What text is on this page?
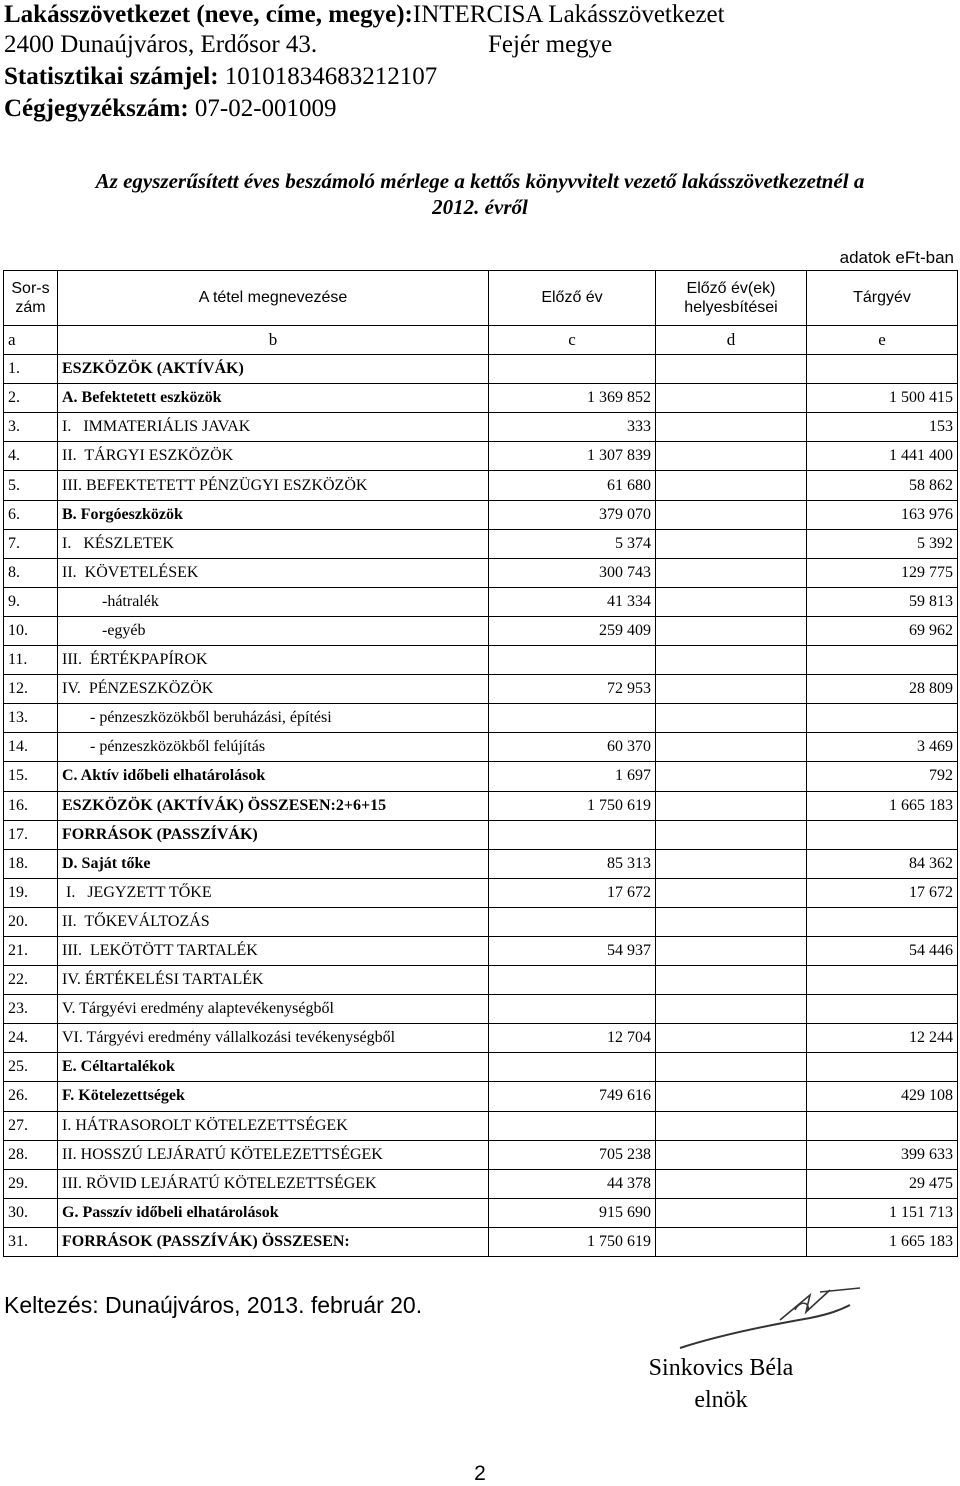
Lakásszövetkezet (neve, címe, megye):INTERCISA Lakásszövetkezet
2400 Dunaújváros, Erdősor 43.	Fejér megye
Statisztikai számjel: 10101834683212107
Cégjegyzékszám: 07-02-001009
Az egyszerűsített éves beszámoló mérlege a kettős könyvvitelt vezető lakásszövetkezetnél a
2012. évről
adatok eFt-ban
Sor-szám	A tétel megnevezése	Előző év	Előző év(ek) helyesbítései	Tárgyév
a	b	c	d	e
1.	ESZKÖZÖK (AKTÍVÁK)			
2.	A. Befektetett eszközök	1 369 852		1 500 415
3.	I.   IMMATERIÁLIS JAVAK	333		153
4.	II.  TÁRGYI ESZKÖZÖK	1 307 839		1 441 400
5.	III. BEFEKTETETT PÉNZÜGYI ESZKÖZÖK	61 680		58 862
6.	B. Forgóeszközök	379 070		163 976
7.	I.   KÉSZLETEK	5 374		5 392
8.	II.  KÖVETELÉSEK	300 743		129 775
9.	-hátralék	41 334		59 813
10.	-egyéb	259 409		69 962
11.	III.  ÉRTÉKPAPÍROK			
12.	IV.  PÉNZESZKÖZÖK	72 953		28 809
13.	- pénzeszközökből beruházási, építési			
14.	- pénzeszközökből felújítás	60 370		3 469
15.	C. Aktív időbeli elhatárolások	1 697		792
16.	ESZKÖZÖK (AKTÍVÁK) ÖSSZESEN:2+6+15	1 750 619		1 665 183
17.	FORRÁSOK (PASSZÍVÁK)			
18.	D. Saját tőke	85 313		84 362
19.	I.   JEGYZETT TŐKE	17 672		17 672
20.	II.  TŐKEVÁLTOZÁS			
21.	III.  LEKÖTÖTT TARTALÉK	54 937		54 446
22.	IV. ÉRTÉKELÉSI TARTALÉK			
23.	V. Tárgyévi eredmény alaptevékenységből			
24.	VI. Tárgyévi eredmény vállalkozási tevékenységből	12 704		12 244
25.	E. Céltartalékok			
26.	F. Kötelezettségek	749 616		429 108
27.	I. HÁTRASOROLT KÖTELEZETTSÉGEK			
28.	II. HOSSZÚ LEJÁRATÚ KÖTELEZETTSÉGEK	705 238		399 633
29.	III. RÖVID LEJÁRATÚ KÖTELEZETTSÉGEK	44 378		29 475
30.	G. Passzív időbeli elhatárolások	915 690		1 151 713
31.	FORRÁSOK (PASSZÍVÁK) ÖSSZESEN:	1 750 619		1 665 183
Keltezés: Dunaújváros, 2013. február 20.
Sinkovics Béla
elnök
2
